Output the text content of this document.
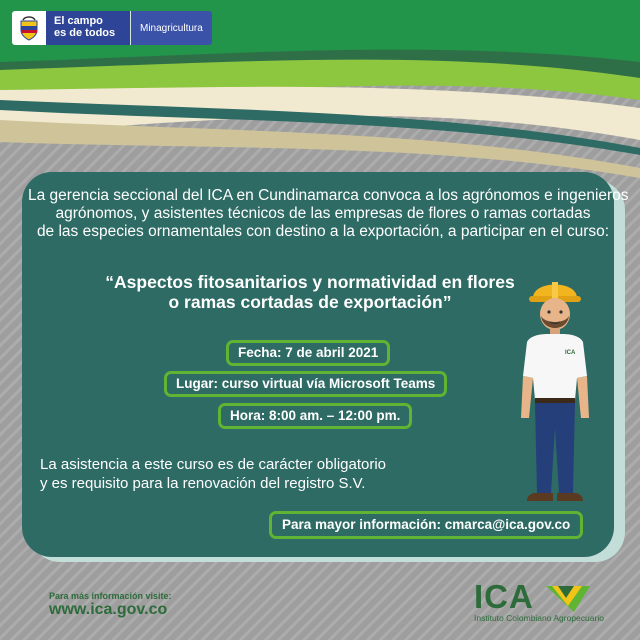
El campo
es de todos	Minagricultura
La gerencia seccional del ICA en Cundinamarca convoca a los agrónomos e ingenieros
agrónomos, y asistentes técnicos de las empresas de flores o ramas cortadas
de las especies ornamentales con destino a la exportación, a participar en el curso:
“Aspectos fitosanitarios y normatividad en flores
o ramas cortadas de exportación”
Fecha: 7 de abril 2021
Lugar: curso virtual vía Microsoft Teams
Hora: 8:00 am. – 12:00 pm.
La asistencia a este curso es de carácter obligatorio
y es requisito para la renovación del registro S.V.
Para mayor información: cmarca@ica.gov.co
ICA
Para más información visite:
www.ica.gov.co	ICA
Instituto Colombiano Agropecuario
